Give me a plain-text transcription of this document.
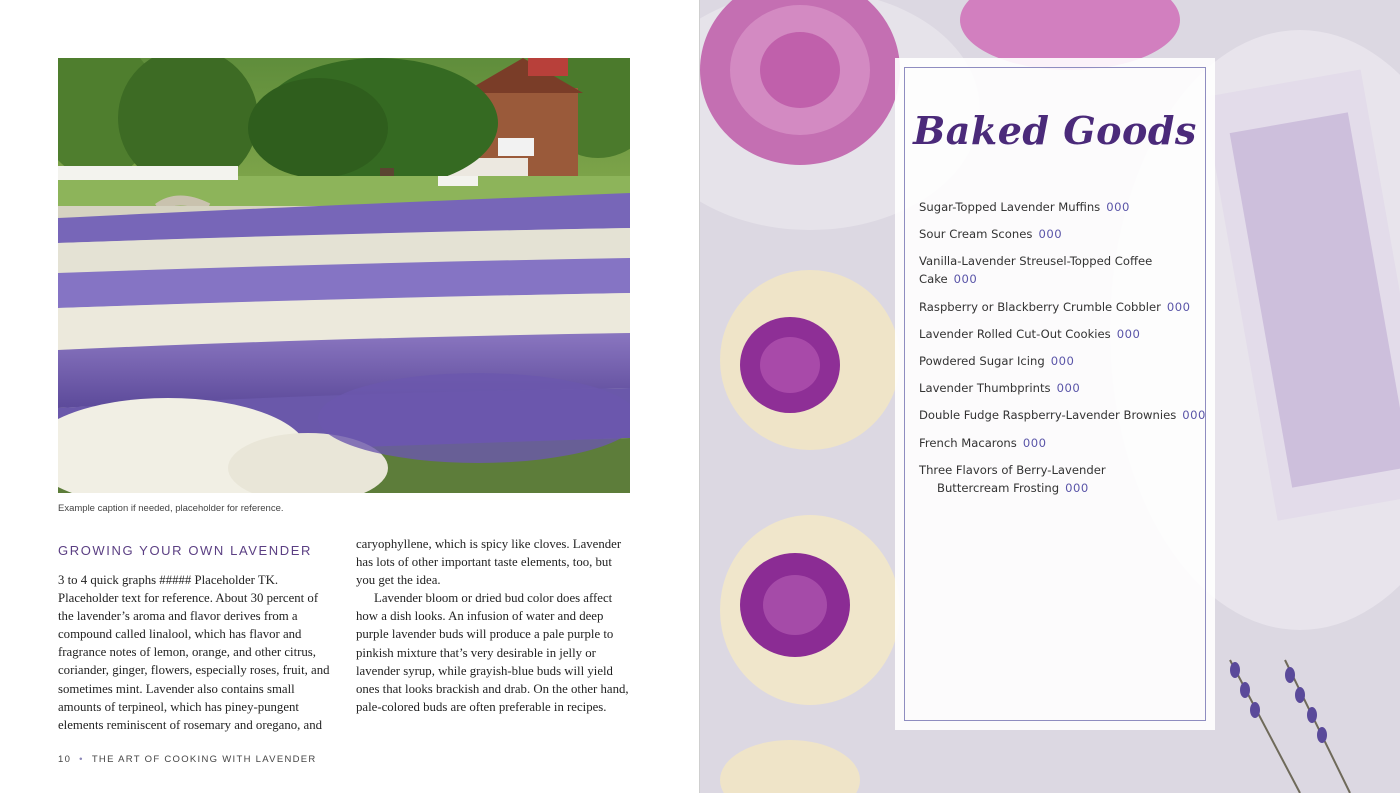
Example caption if needed, placeholder for reference.
GROWING YOUR OWN LAVENDER

3 to 4 quick graphs ##### Placeholder TK. Placeholder text for reference. About 30 percent of the lavender’s aroma and flavor derives from a compound called linalool, which has flavor and fragrance notes of lemon, orange, and other citrus, coriander, ginger, flowers, especially roses, fruit, and sometimes mint. Lavender also contains small amounts of terpineol, which has piney-pungent elements reminiscent of rosemary and oregano, and

caryophyllene, which is spicy like cloves. Lavender has lots of other important taste elements, too, but you get the idea.

Lavender bloom or dried bud color does affect how a dish looks. An infusion of water and deep purple lavender buds will produce a pale purple to pinkish mixture that’s very desirable in jelly or lavender syrup, while grayish-blue buds will yield ones that looks brackish and drab. On the other hand, pale-colored buds are often preferable in recipes.

10 • THE ART OF COOKING WITH LAVENDER
Baked Goods
Sugar-Topped Lavender Muffins 000
Sour Cream Scones 000
Vanilla-Lavender Streusel-Topped Coffee Cake 000
Raspberry or Blackberry Crumble Cobbler 000
Lavender Rolled Cut-Out Cookies 000
Powdered Sugar Icing 000
Lavender Thumbprints 000
Double Fudge Raspberry-Lavender Brownies 000
French Macarons 000
Three Flavors of Berry-Lavender
Buttercream Frosting 000
